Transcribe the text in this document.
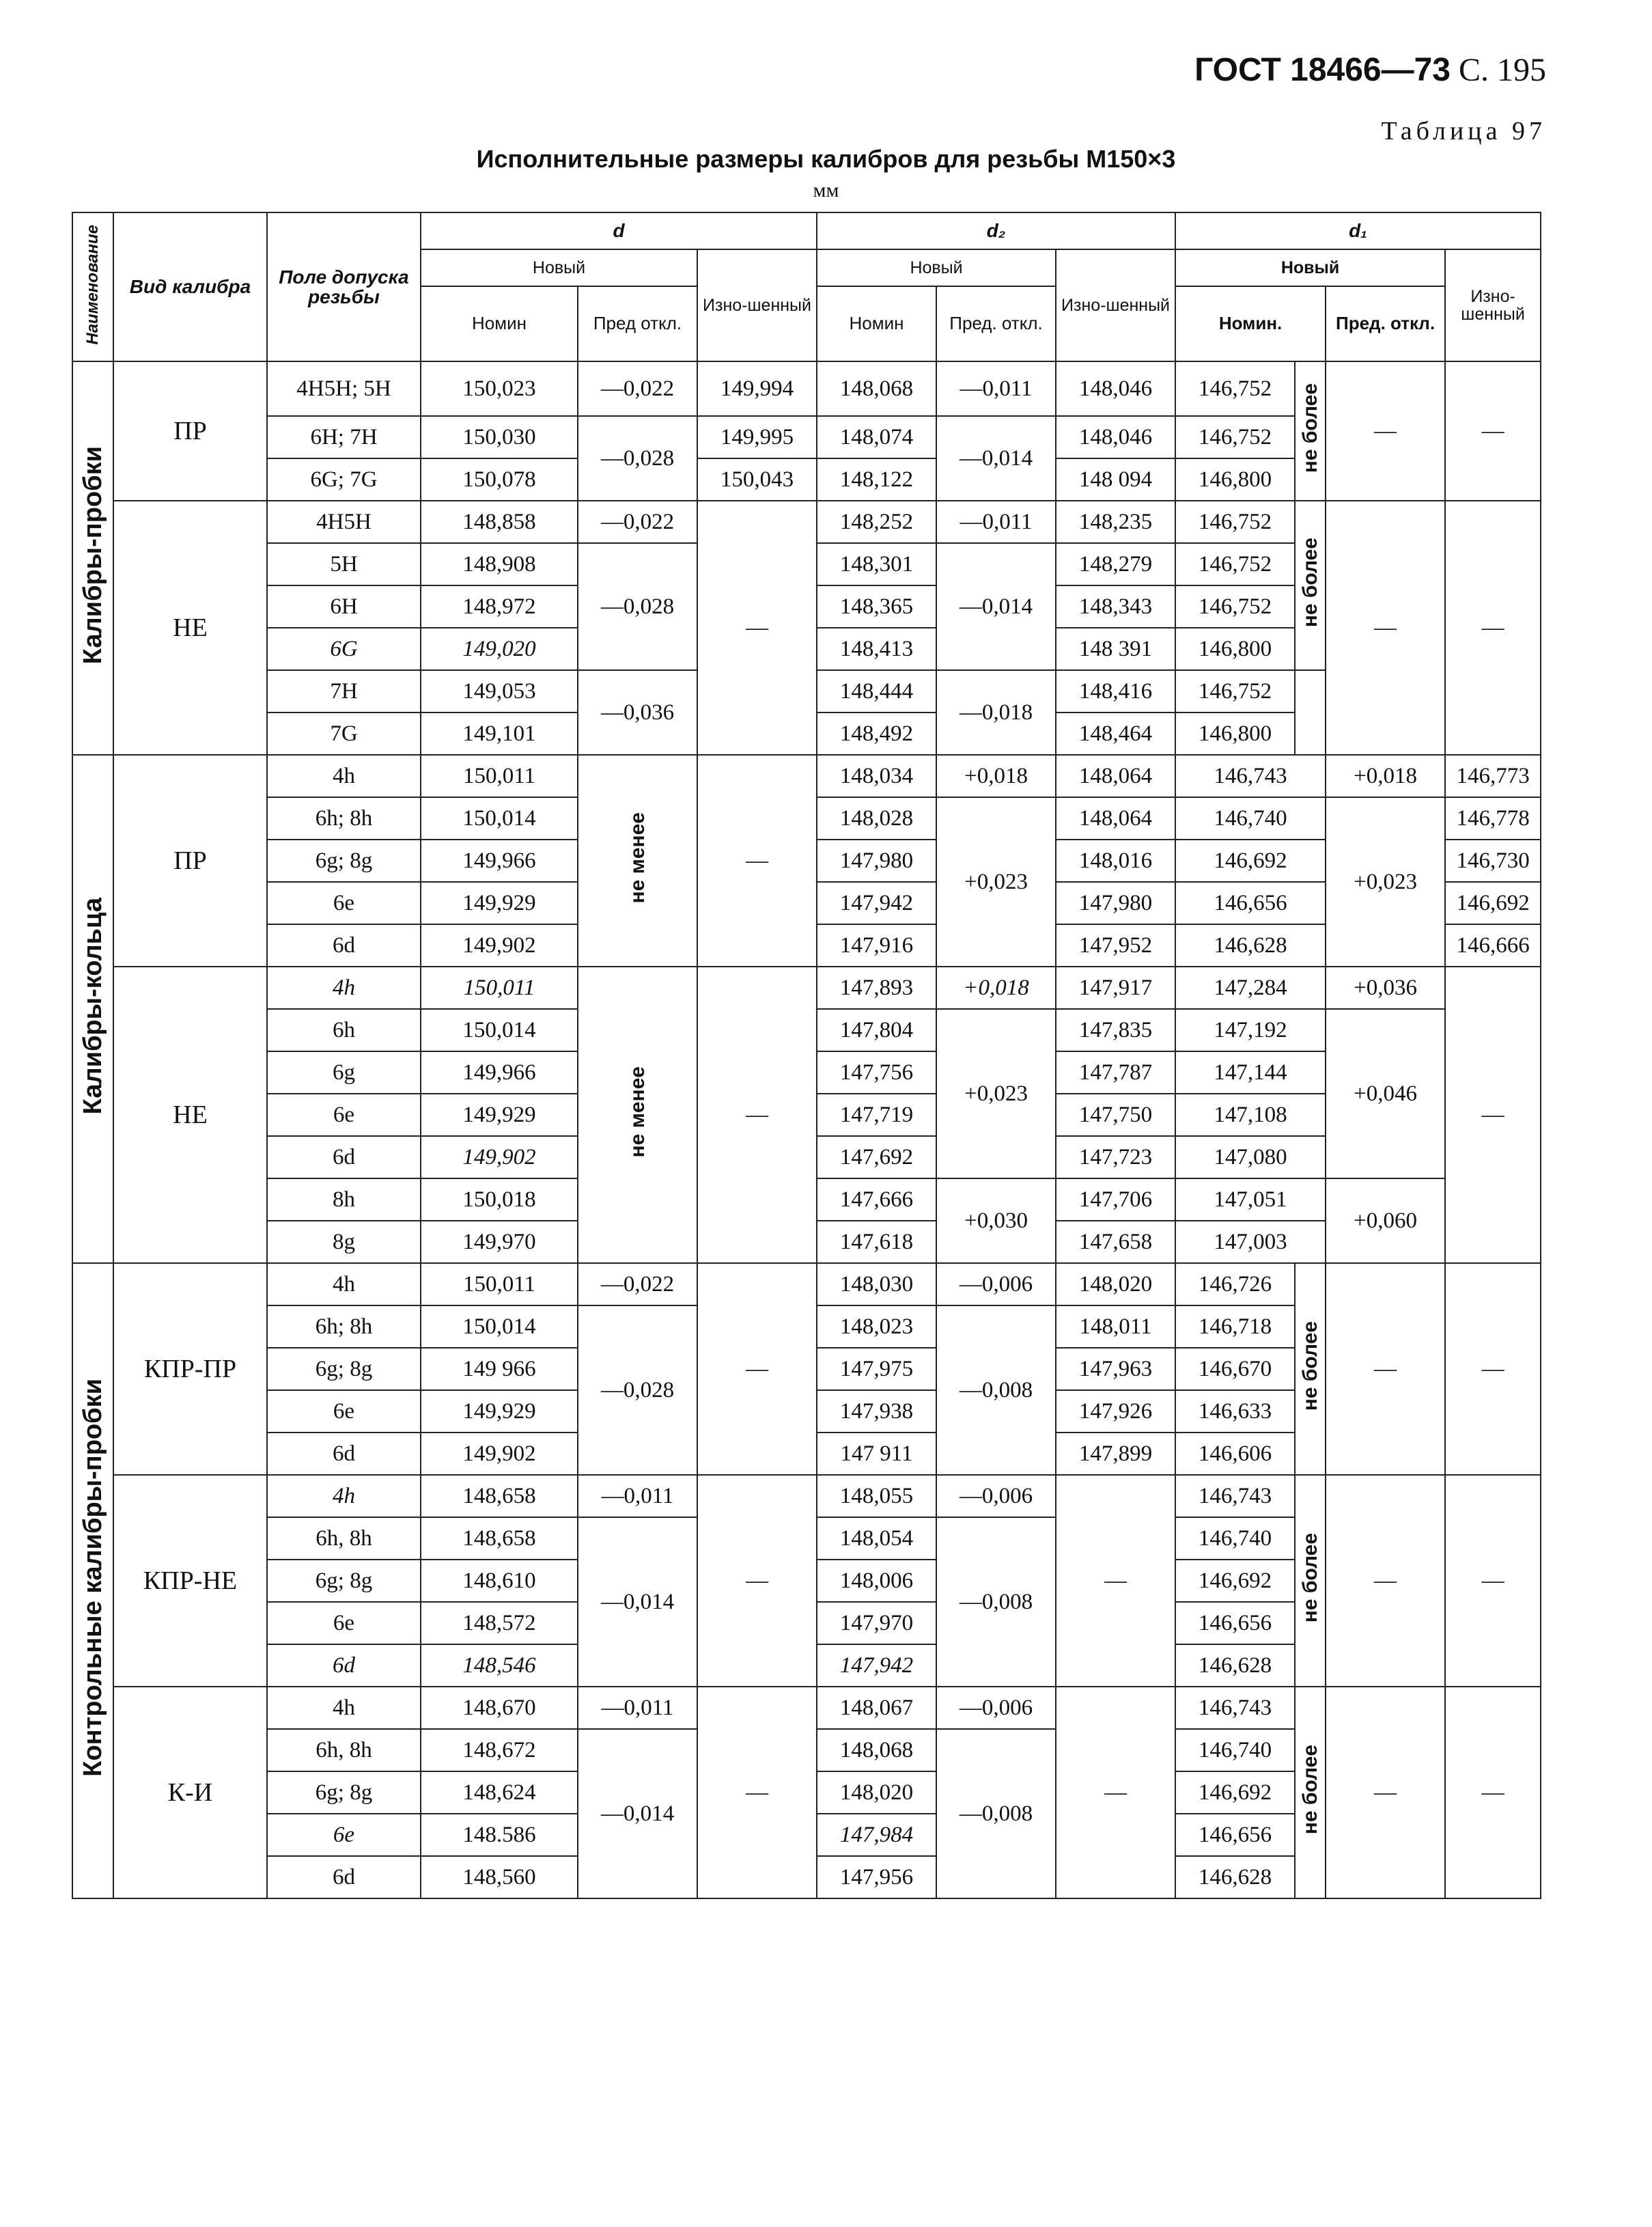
ГОСТ 18466—73 С. 195
Таблица 97
Исполнительные размеры калибров для резьбы М150×3
мм
Наименование	Вид калибра	Поле допуска резьбы	d			d₂			d₁			
			Новый		Изно-шенный	Новый		Изно-шенный	Новый			Изно-шенный
			Номин	Пред откл.		Номин	Пред. откл.		Номин.		Пред. откл.	
Калибры-пробки	ПР	4H5H; 5H	150,023	—0,022	149,994	148,068	—0,011	148,046	146,752	не более	—	—
		6H; 7H	150,030	—0,028	149,995	148,074	—0,014	148,046	146,752			
		6G; 7G	150,078		150,043	148,122		148 094	146,800			
	НЕ	4H5H	148,858	—0,022	—	148,252	—0,011	148,235	146,752	не более	—	—
		5H	148,908	—0,028		148,301	—0,014	148,279	146,752			
		6H	148,972			148,365		148,343	146,752			
		6G	149,020			148,413		148 391	146,800			
		7H	149,053	—0,036		148,444	—0,018	148,416	146,752			
		7G	149,101			148,492		148,464	146,800			
Калибры-кольца	ПР	4h	150,011	не менее	—	148,034	+0,018	148,064	146,743		+0,018	146,773
		6h; 8h	150,014			148,028	+0,023	148,064	146,740		+0,023	146,778
		6g; 8g	149,966			147,980		148,016	146,692			146,730
		6e	149,929			147,942		147,980	146,656			146,692
		6d	149,902			147,916		147,952	146,628			146,666
	НЕ	4h	150,011	не менее	—	147,893	+0,018	147,917	147,284		+0,036	—
		6h	150,014			147,804	+0,023	147,835	147,192		+0,046	
		6g	149,966			147,756		147,787	147,144			
		6e	149,929			147,719		147,750	147,108			
		6d	149,902			147,692		147,723	147,080			
		8h	150,018			147,666	+0,030	147,706	147,051		+0,060	
		8g	149,970			147,618		147,658	147,003			
Контрольные калибры-пробки	КПР-ПР	4h	150,011	—0,022	—	148,030	—0,006	148,020	146,726	не более	—	—
		6h; 8h	150,014	—0,028		148,023	—0,008	148,011	146,718			
		6g; 8g	149 966			147,975		147,963	146,670			
		6e	149,929			147,938		147,926	146,633			
		6d	149,902			147 911		147,899	146,606			
	КПР-НЕ	4h	148,658	—0,011	—	148,055	—0,006	—	146,743	не более	—	—
		6h, 8h	148,658	—0,014		148,054	—0,008		146,740			
		6g; 8g	148,610			148,006			146,692			
		6e	148,572			147,970			146,656			
		6d	148,546			147,942			146,628			
	К-И	4h	148,670	—0,011	—	148,067	—0,006	—	146,743	не более	—	—
		6h, 8h	148,672	—0,014		148,068	—0,008		146,740			
		6g; 8g	148,624			148,020			146,692			
		6e	148.586			147,984			146,656			
		6d	148,560			147,956			146,628			
